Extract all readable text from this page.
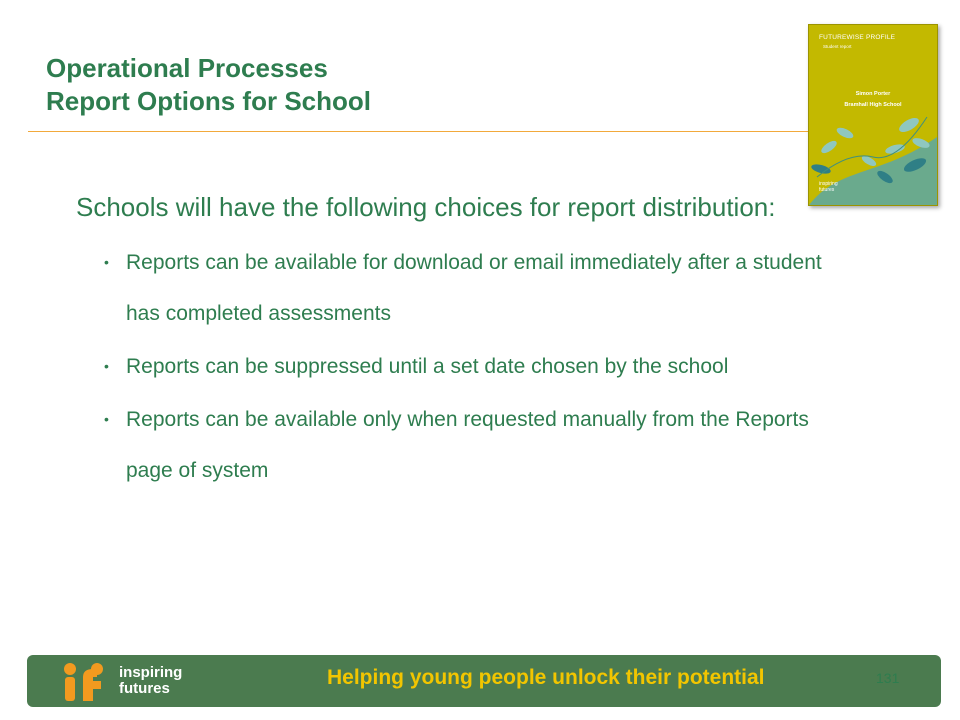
Operational Processes
Report Options for School
FUTUREWISE PROFILE
Student report
Simon Porter
Bramhall High School
inspiring
futures
Schools will have the following choices for report distribution:
• Reports can be available for download or email immediately after a student has completed assessments
• Reports can be suppressed until a set date chosen by the school
• Reports can be available only when requested manually from the Reports page of system
inspiring
futures	Helping young people unlock their potential	131
